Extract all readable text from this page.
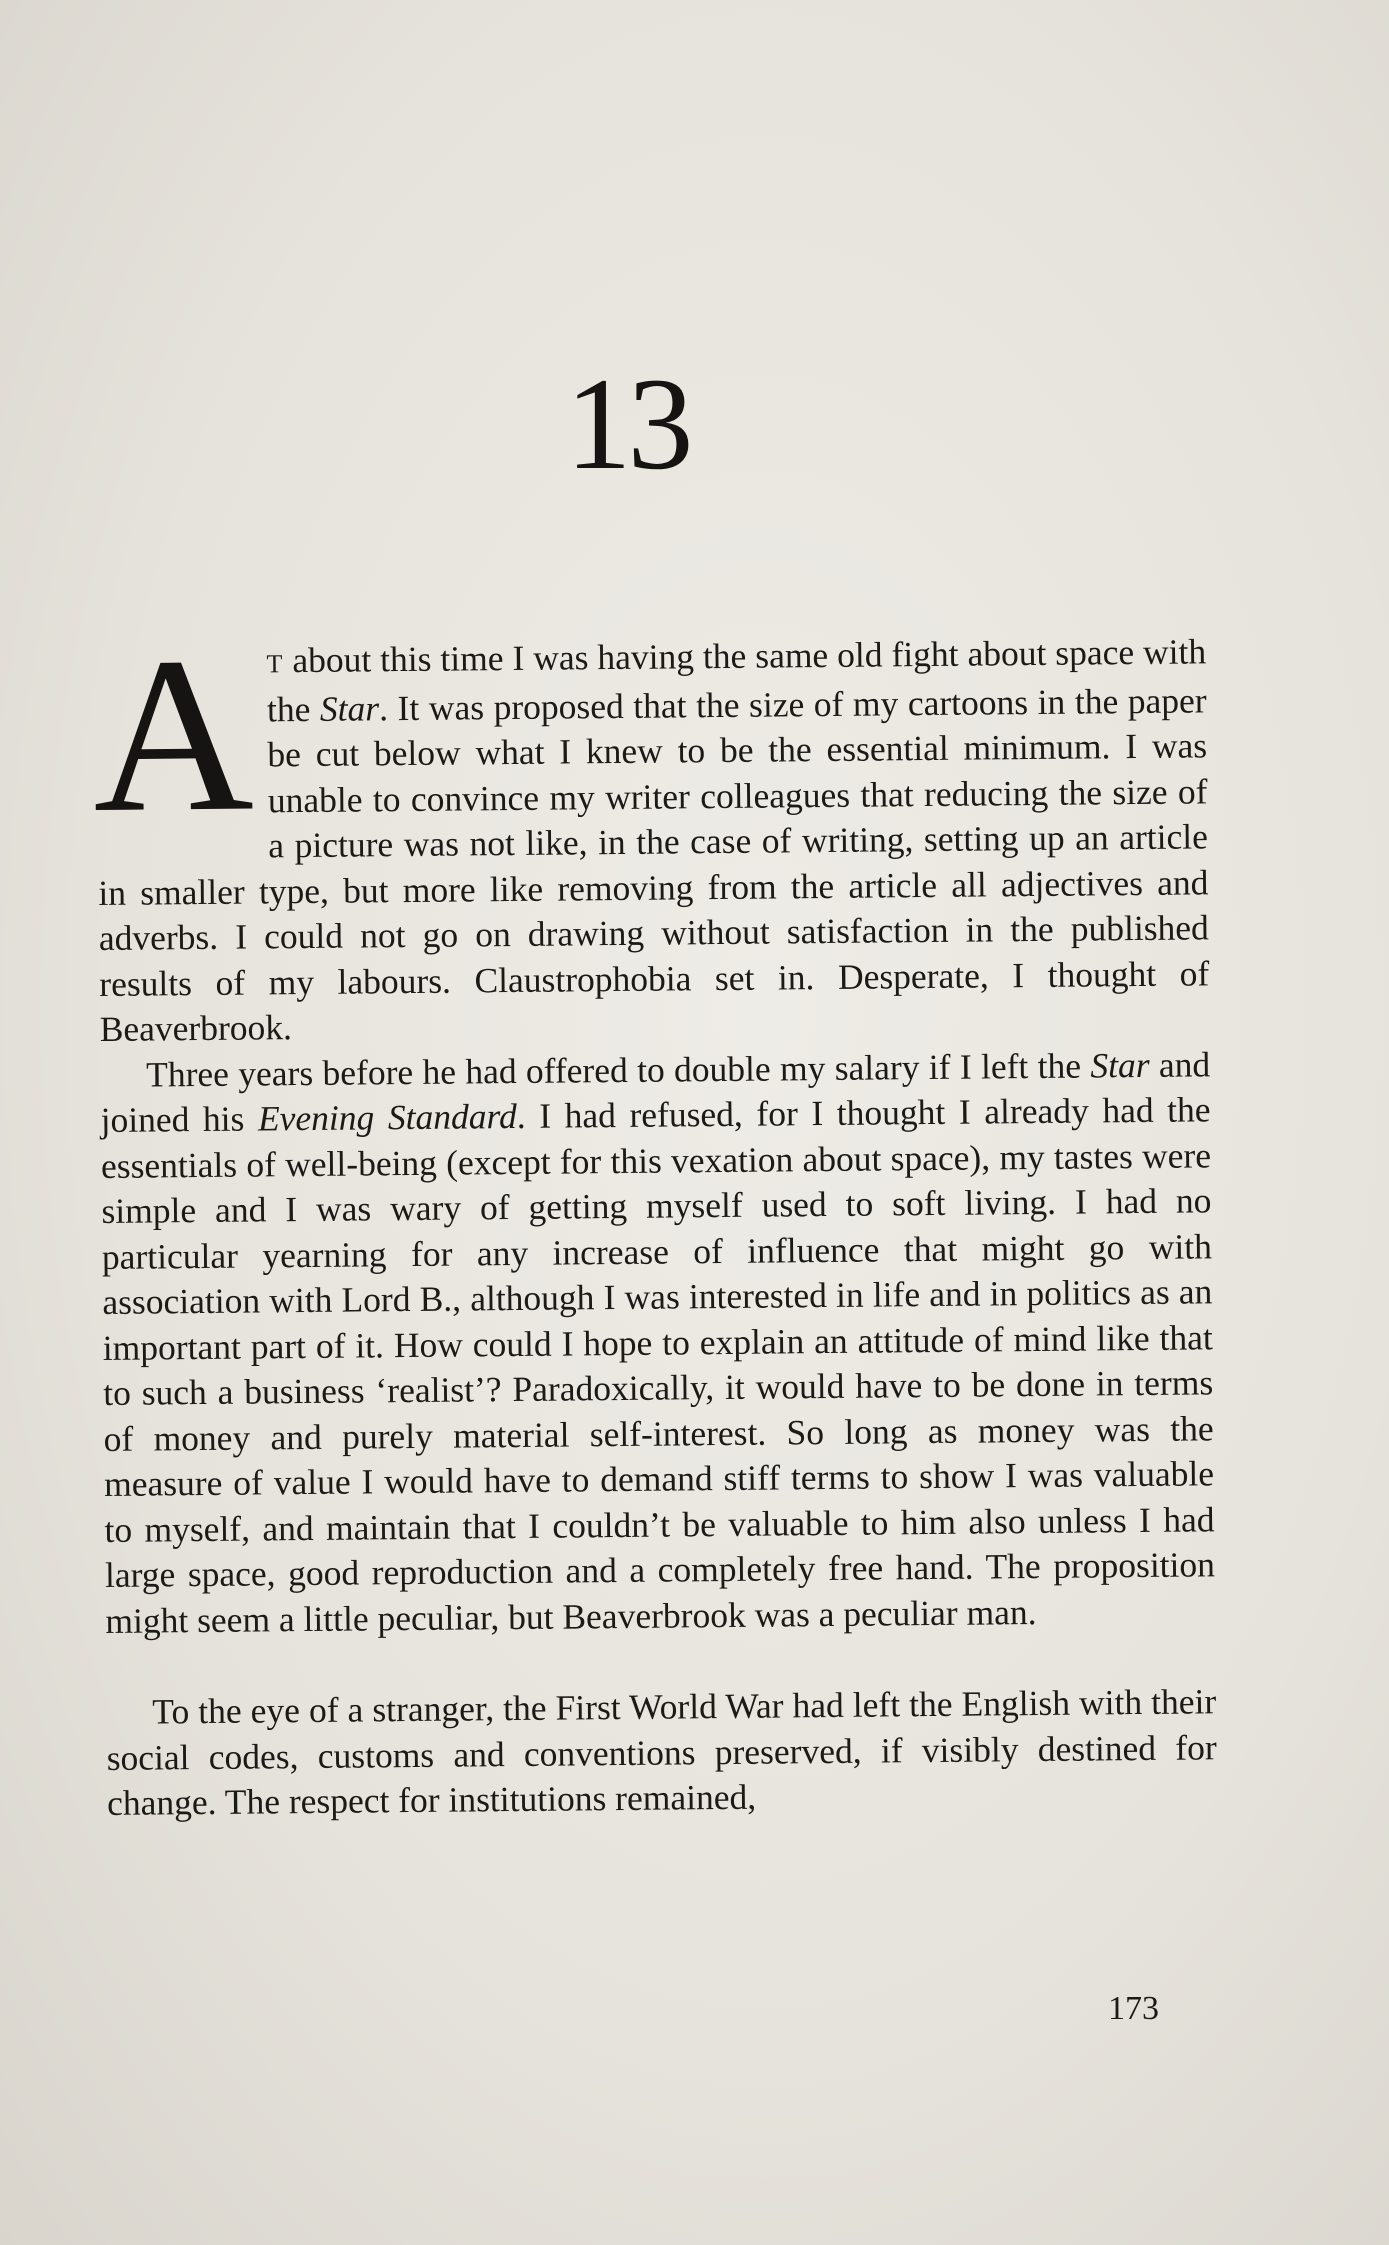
13

A T about this time I was having the same old fight about space with the Star. It was proposed that the size of my cartoons in the paper be cut below what I knew to be the essential minimum. I was unable to convince my writer colleagues that reducing the size of a picture was not like, in the case of writing, setting up an article in smaller type, but more like removing from the article all adjectives and adverbs. I could not go on drawing without satisfaction in the published results of my labours. Claustrophobia set in. Desperate, I thought of Beaverbrook.

Three years before he had offered to double my salary if I left the Star and joined his Evening Standard. I had refused, for I thought I already had the essentials of well-being (except for this vexation about space), my tastes were simple and I was wary of getting myself used to soft living. I had no particular yearning for any increase of influence that might go with association with Lord B., although I was interested in life and in politics as an important part of it. How could I hope to explain an attitude of mind like that to such a business ‘realist’? Paradoxically, it would have to be done in terms of money and purely material self-interest. So long as money was the measure of value I would have to demand stiff terms to show I was valuable to myself, and maintain that I couldn’t be valuable to him also unless I had large space, good reproduction and a completely free hand. The proposition might seem a little peculiar, but Beaverbrook was a peculiar man.

To the eye of a stranger, the First World War had left the English with their social codes, customs and conventions preserved, if visibly destined for change. The respect for institutions remained,

173
